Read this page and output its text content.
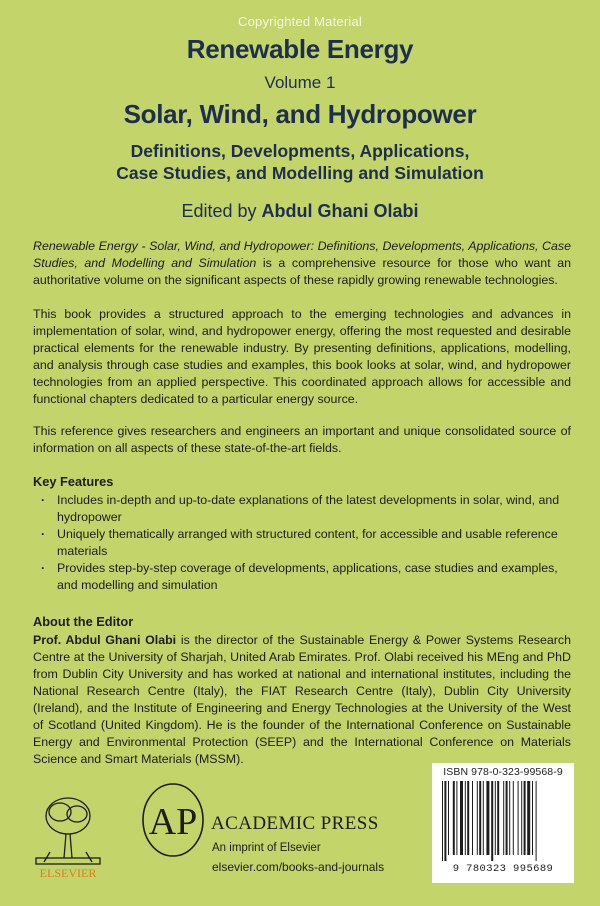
Copyrighted Material
Renewable Energy
Volume 1
Solar, Wind, and Hydropower
Definitions, Developments, Applications,
Case Studies, and Modelling and Simulation
Edited by Abdul Ghani Olabi

Renewable Energy - Solar, Wind, and Hydropower: Definitions, Developments, Applications, Case Studies, and Modelling and Simulation is a comprehensive resource for those who want an authoritative volume on the significant aspects of these rapidly growing renewable technologies.

This book provides a structured approach to the emerging technologies and advances in implementation of solar, wind, and hydropower energy, offering the most requested and desirable practical elements for the renewable industry. By presenting definitions, applications, modelling, and analysis through case studies and examples, this book looks at solar, wind, and hydropower technologies from an applied perspective. This coordinated approach allows for accessible and functional chapters dedicated to a particular energy source.

This reference gives researchers and engineers an important and unique consolidated source of information on all aspects of these state-of-the-art fields.

Key Features
· Includes in-depth and up-to-date explanations of the latest developments in solar, wind, and hydropower
· Uniquely thematically arranged with structured content, for accessible and usable reference materials
· Provides step-by-step coverage of developments, applications, case studies and examples, and modelling and simulation
About the Editor

Prof. Abdul Ghani Olabi is the director of the Sustainable Energy & Power Systems Research Centre at the University of Sharjah, United Arab Emirates. Prof. Olabi received his MEng and PhD from Dublin City University and has worked at national and international institutes, including the National Research Centre (Italy), the FIAT Research Centre (Italy), Dublin City University (Ireland), and the Institute of Engineering and Energy Technologies at the University of the West of Scotland (United Kingdom). He is the founder of the International Conference on Sustainable Energy and Environmental Protection (SEEP) and the International Conference on Materials Science and Smart Materials (MSSM).

ELSEVIER
AP ACADEMIC PRESS
An imprint of Elsevier
elsevier.com/books-and-journals
ISBN 978-0-323-99568-9
9 780323 995689
